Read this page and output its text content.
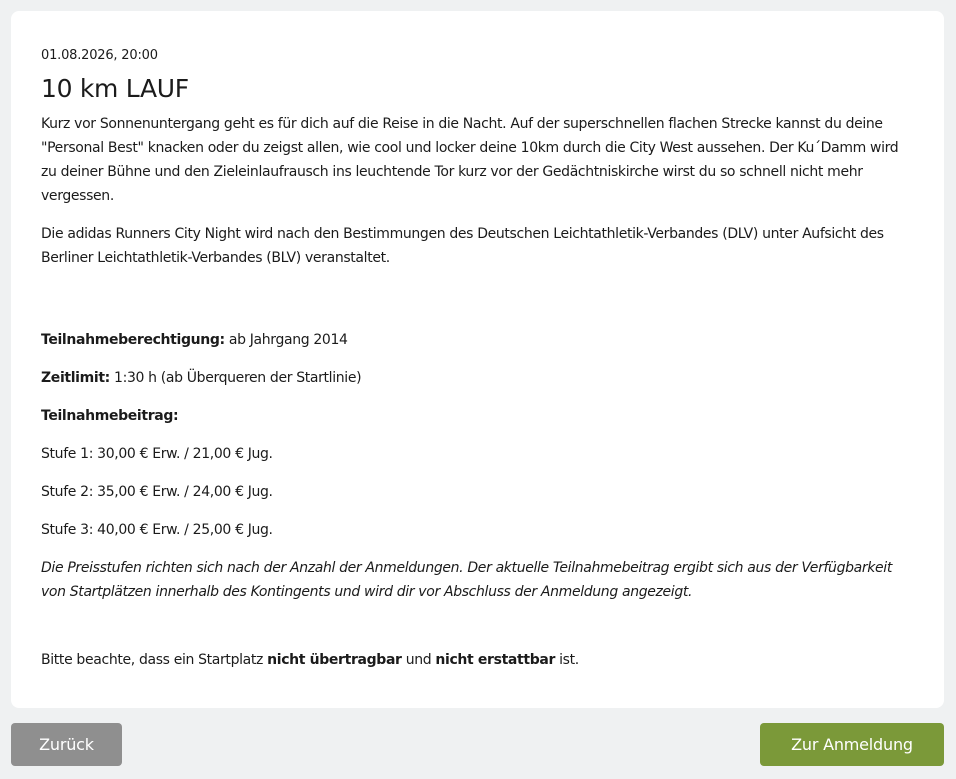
01.08.2026, 20:00
10 km LAUF

Kurz vor Sonnenuntergang geht es für dich auf die Reise in die Nacht. Auf der superschnellen flachen Strecke kannst du deine "Personal Best" knacken oder du zeigst allen, wie cool und locker deine 10km durch die City West aussehen. Der Ku´Damm wird zu deiner Bühne und den Zieleinlaufrausch ins leuchtende Tor kurz vor der Gedächtniskirche wirst du so schnell nicht mehr vergessen.

Die adidas Runners City Night wird nach den Bestimmungen des Deutschen Leichtathletik-Verbandes (DLV) unter Aufsicht des Berliner Leichtathletik-Verbandes (BLV) veranstaltet.

Teilnahmeberechtigung: ab Jahrgang 2014

Zeitlimit: 1:30 h (ab Überqueren der Startlinie)

Teilnahmebeitrag:

Stufe 1: 30,00 € Erw. / 21,00 € Jug.

Stufe 2: 35,00 € Erw. / 24,00 € Jug.

Stufe 3: 40,00 € Erw. / 25,00 € Jug.

Die Preisstufen richten sich nach der Anzahl der Anmeldungen. Der aktuelle Teilnahmebeitrag ergibt sich aus der Verfügbarkeit von Startplätzen innerhalb des Kontingents und wird dir vor Abschluss der Anmeldung angezeigt.

Bitte beachte, dass ein Startplatz nicht übertragbar und nicht erstattbar ist.

Zurück	Zur Anmeldung
